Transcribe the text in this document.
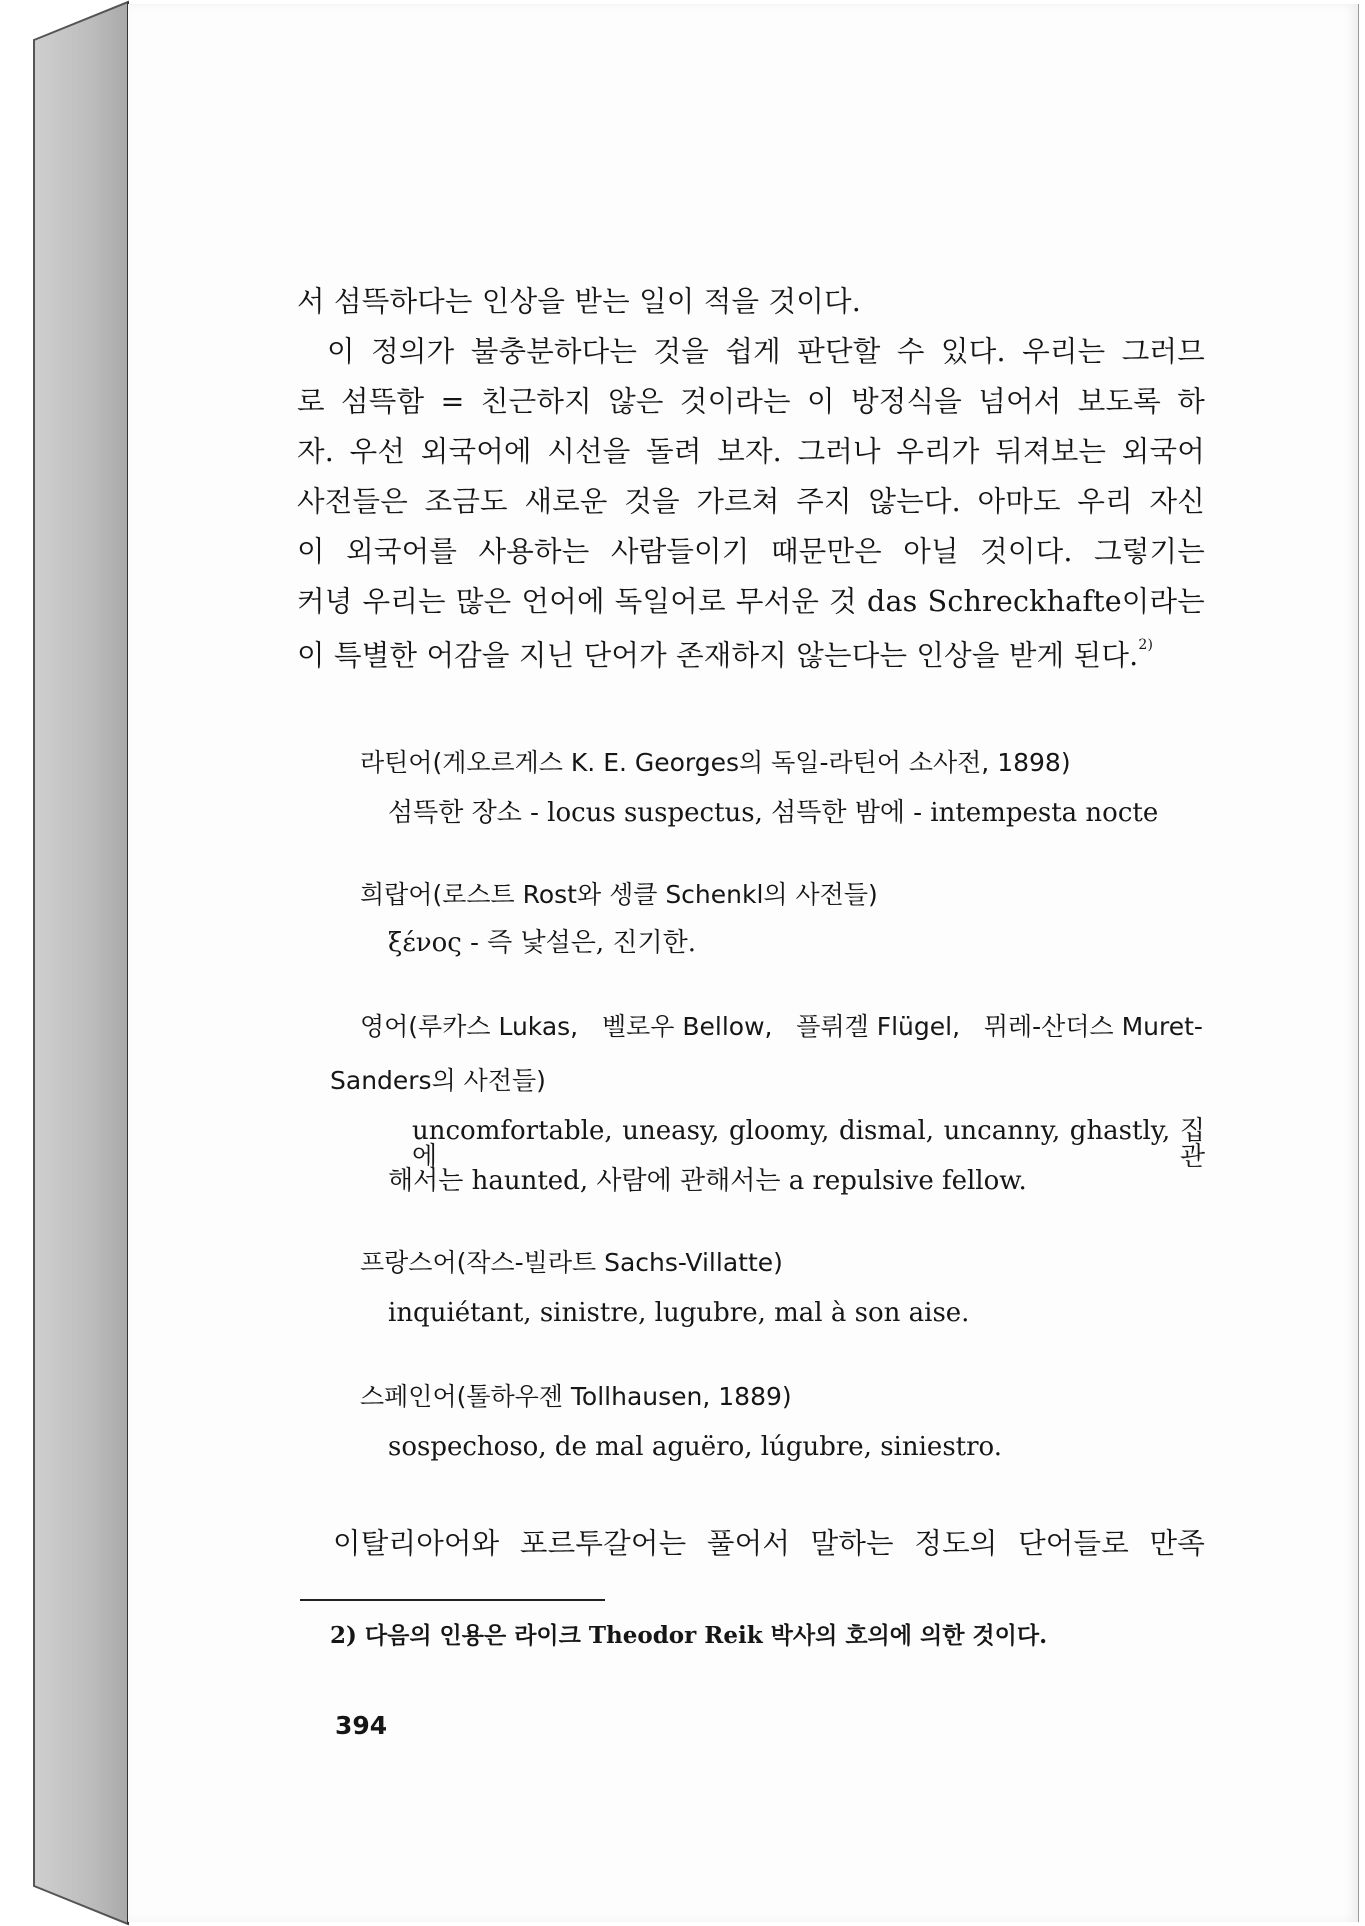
서 섬뜩하다는 인상을 받는 일이 적을 것이다.
이 정의가 불충분하다는 것을 쉽게 판단할 수 있다. 우리는 그러므
로 섬뜩함 = 친근하지 않은 것이라는 이 방정식을 넘어서 보도록 하
자. 우선 외국어에 시선을 돌려 보자. 그러나 우리가 뒤져보는 외국어
사전들은 조금도 새로운 것을 가르쳐 주지 않는다. 아마도 우리 자신
이 외국어를 사용하는 사람들이기 때문만은 아닐 것이다. 그렇기는
커녕 우리는 많은 언어에 독일어로 무서운 것 das Schreckhafte이라는
이 특별한 어감을 지닌 단어가 존재하지 않는다는 인상을 받게 된다.$^{2)}$
라틴어(게오르게스 K. E. Georges의 독일-라틴어 소사전, 1898)
섬뜩한 장소 - locus suspectus, 섬뜩한 밤에 - intempesta nocte
희랍어(로스트 Rost와 셍클 Schenkl의 사전들)
ξένος - 즉 낯설은, 진기한.
영어(루카스 Lukas,   벨로우 Bellow,   플뤼겔 Flügel,   뮈레-산더스 Muret-
Sanders의 사전들)
uncomfortable, uneasy, gloomy, dismal, uncanny, ghastly, 집에 관
해서는 haunted, 사람에 관해서는 a repulsive fellow.
프랑스어(작스-빌라트 Sachs-Villatte)
inquiétant, sinistre, lugubre, mal à son aise.
스페인어(톨하우젠 Tollhausen, 1889)
sospechoso, de mal aguëro, lúgubre, siniestro.
이탈리아어와 포르투갈어는 풀어서 말하는 정도의 단어들로 만족
2) 다음의 인용은 라이크 Theodor Reik 박사의 호의에 의한 것이다.
394
